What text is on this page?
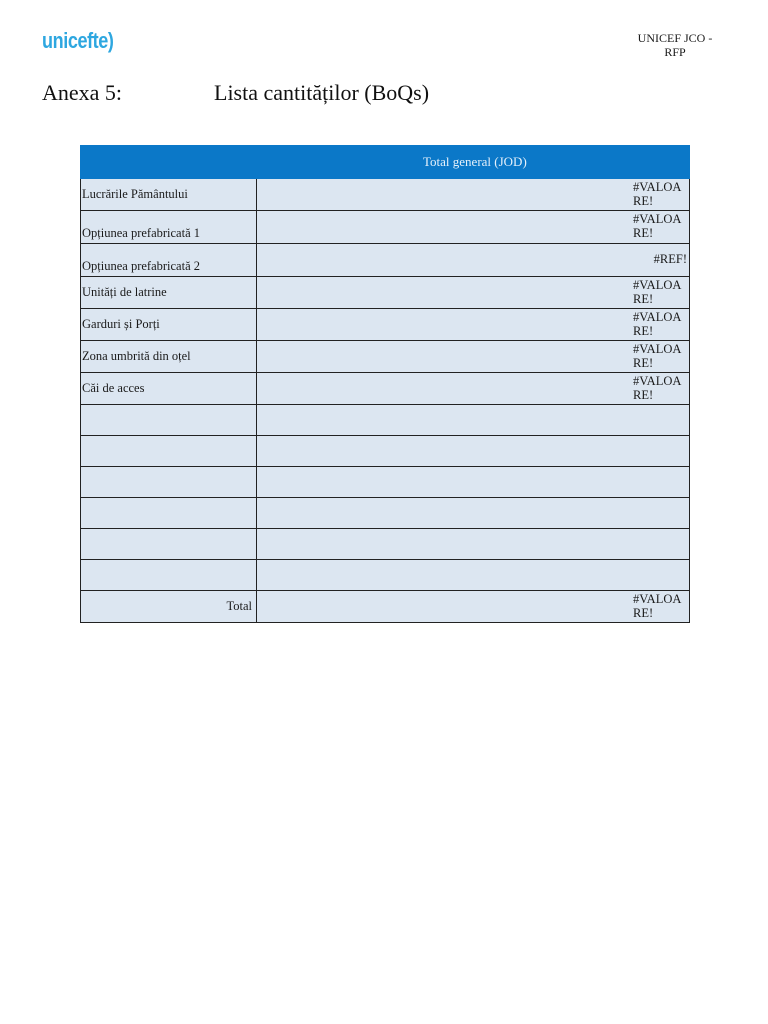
unicefte)	UNICEF JCO - RFP
Anexa 5:	Lista cantităților (BoQs)
	Total general (JOD)
Lucrările Pământului	#VALOARE!
Opțiunea prefabricată 1	#VALOARE!
Opțiunea prefabricată 2	#REF!
Unități de latrine	#VALOARE!
Garduri și Porți	#VALOARE!
Zona umbrită din oțel	#VALOARE!
Căi de acces	#VALOARE!

Total	#VALOARE!
